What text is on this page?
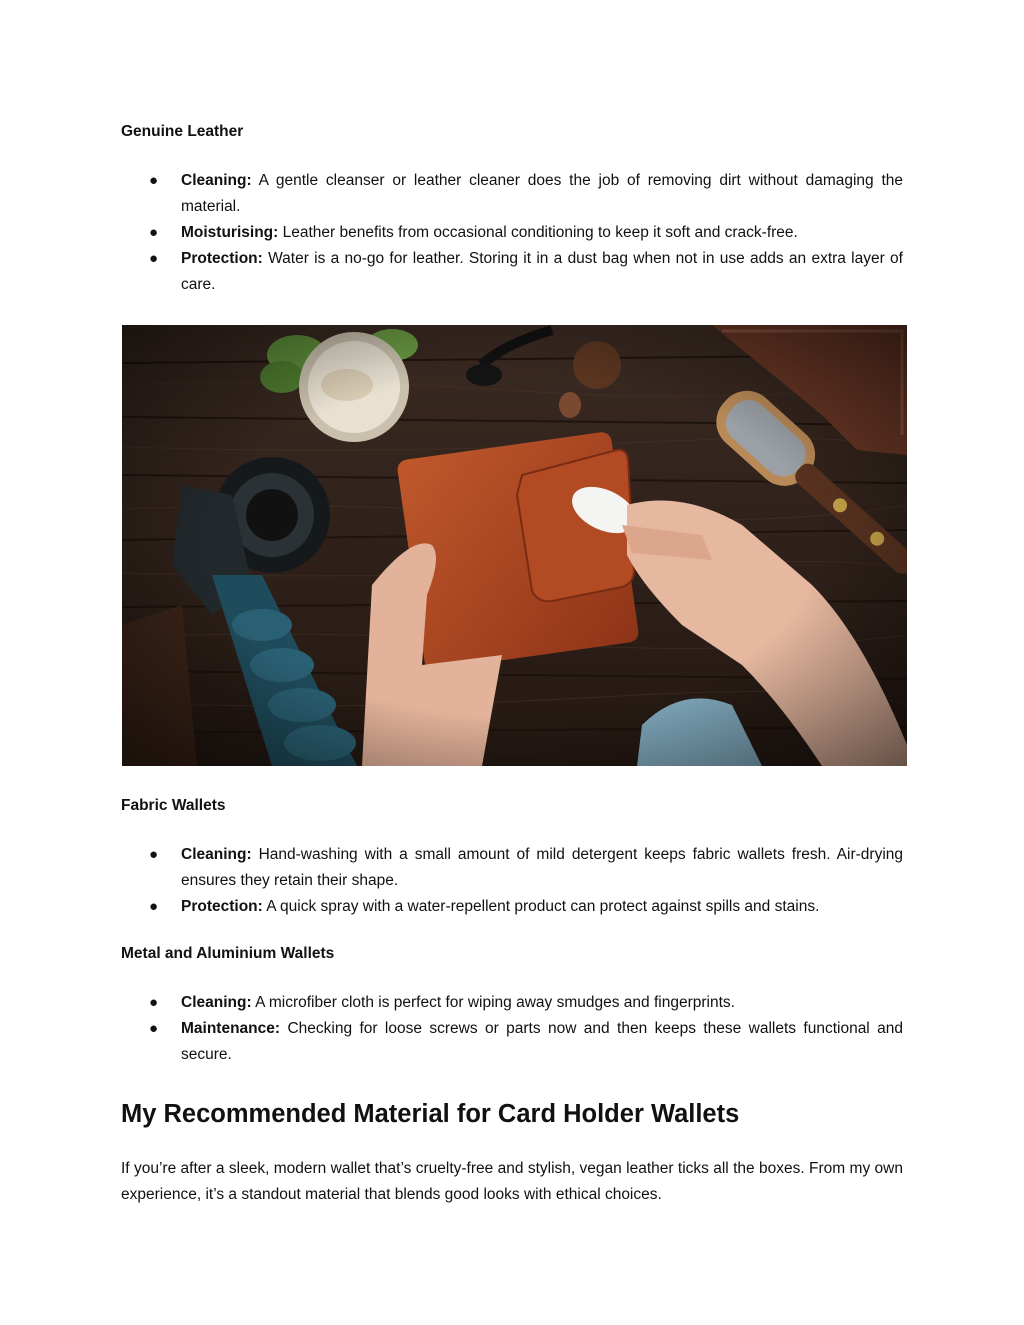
Genuine Leather
● Cleaning: A gentle cleanser or leather cleaner does the job of removing dirt without damaging the material.
● Moisturising: Leather benefits from occasional conditioning to keep it soft and crack-free.
● Protection: Water is a no-go for leather. Storing it in a dust bag when not in use adds an extra layer of care.
Fabric Wallets
● Cleaning: Hand-washing with a small amount of mild detergent keeps fabric wallets fresh. Air-drying ensures they retain their shape.
● Protection: A quick spray with a water-repellent product can protect against spills and stains.
Metal and Aluminium Wallets
● Cleaning: A microfiber cloth is perfect for wiping away smudges and fingerprints.
● Maintenance: Checking for loose screws or parts now and then keeps these wallets functional and secure.
My Recommended Material for Card Holder Wallets

If you’re after a sleek, modern wallet that’s cruelty-free and stylish, vegan leather ticks all the boxes. From my own experience, it’s a standout material that blends good looks with ethical choices.
